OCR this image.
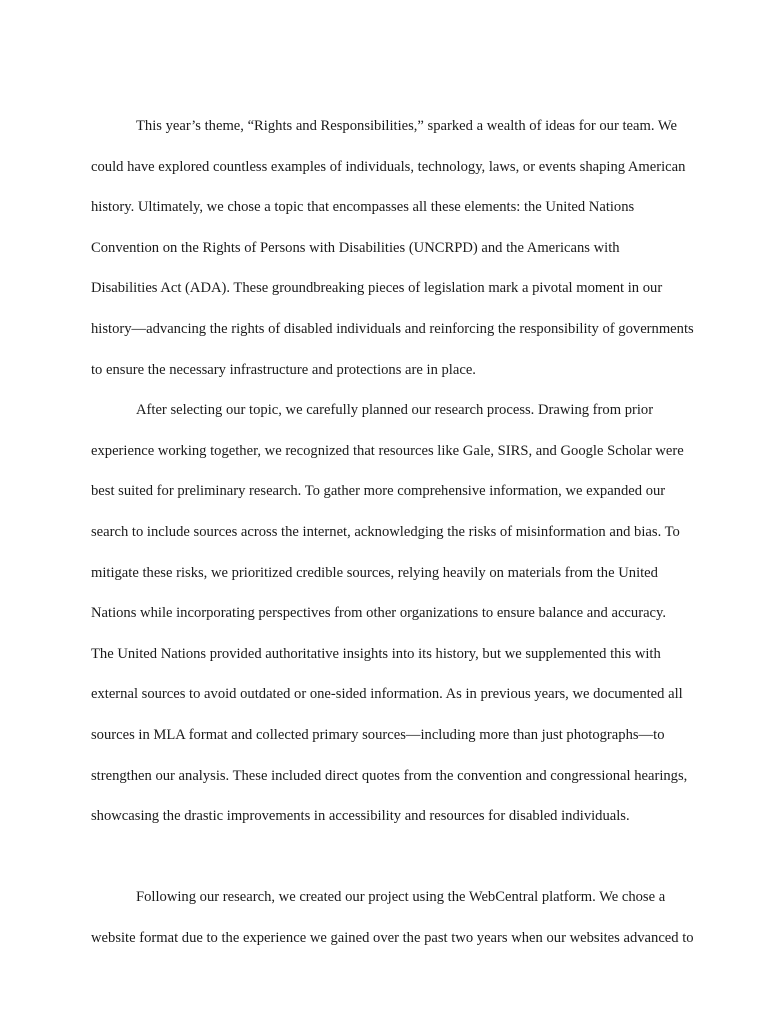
This year’s theme, “Rights and Responsibilities,” sparked a wealth of ideas for our team. We
could have explored countless examples of individuals, technology, laws, or events shaping American
history. Ultimately, we chose a topic that encompasses all these elements: the United Nations
Convention on the Rights of Persons with Disabilities (UNCRPD) and the Americans with
Disabilities Act (ADA). These groundbreaking pieces of legislation mark a pivotal moment in our
history—advancing the rights of disabled individuals and reinforcing the responsibility of governments
to ensure the necessary infrastructure and protections are in place.
After selecting our topic, we carefully planned our research process. Drawing from prior
experience working together, we recognized that resources like Gale, SIRS, and Google Scholar were
best suited for preliminary research. To gather more comprehensive information, we expanded our
search to include sources across the internet, acknowledging the risks of misinformation and bias. To
mitigate these risks, we prioritized credible sources, relying heavily on materials from the United
Nations while incorporating perspectives from other organizations to ensure balance and accuracy.
The United Nations provided authoritative insights into its history, but we supplemented this with
external sources to avoid outdated or one-sided information. As in previous years, we documented all
sources in MLA format and collected primary sources—including more than just photographs—to
strengthen our analysis. These included direct quotes from the convention and congressional hearings,
showcasing the drastic improvements in accessibility and resources for disabled individuals.
Following our research, we created our project using the WebCentral platform. We chose a
website format due to the experience we gained over the past two years when our websites advanced to
